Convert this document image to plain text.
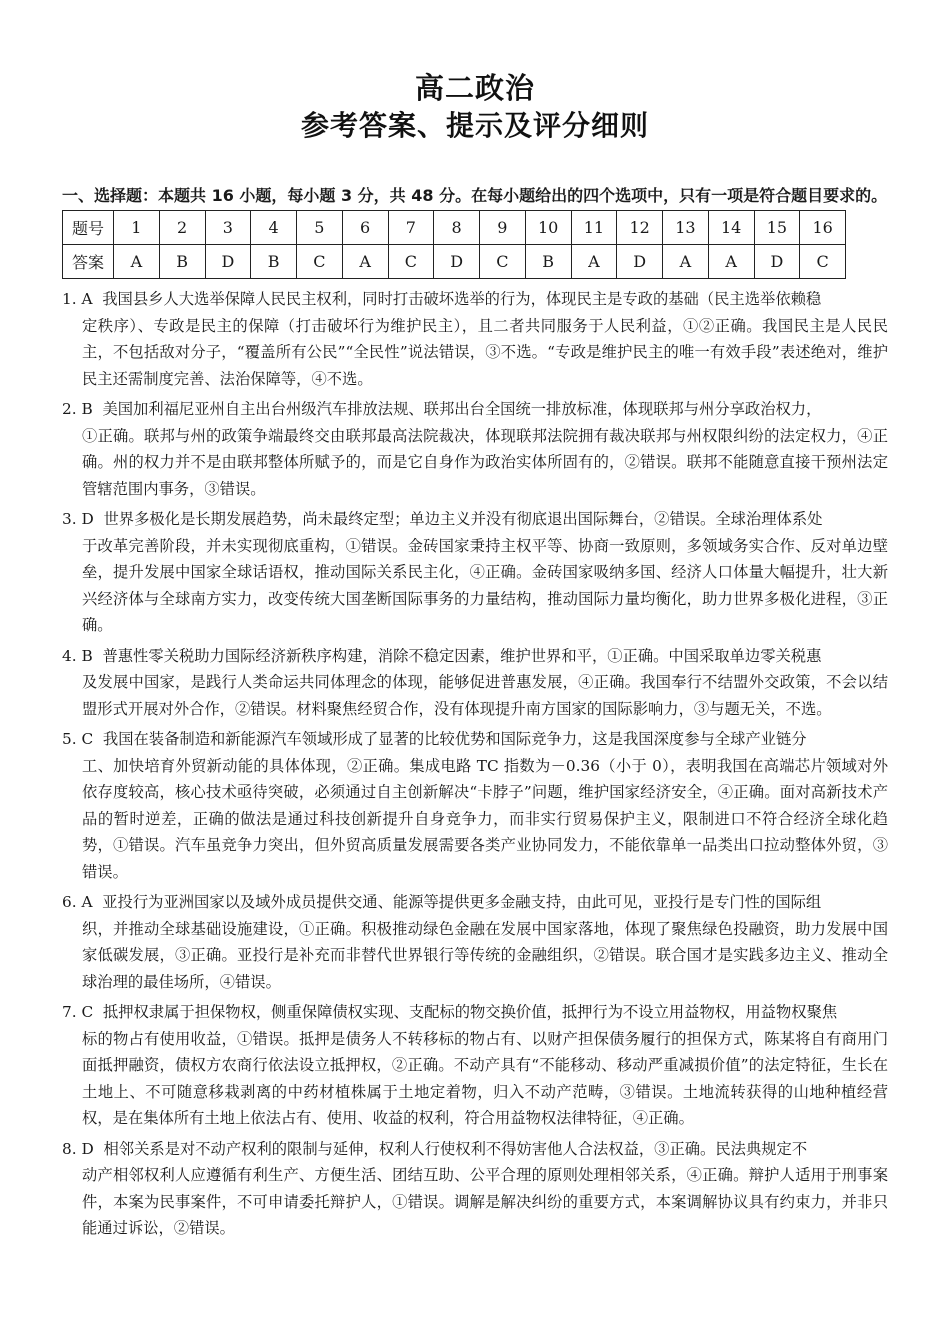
高二政治
参考答案、提示及评分细则
一、选择题：本题共 16 小题，每小题 3 分，共 48 分。在每小题给出的四个选项中，只有一项是符合题目要求的。
题号	1	2	3	4	5	6	7	8	9	10	11	12	13	14	15	16
答案	A	B	D	B	C	A	C	D	C	B	A	D	A	A	D	C
1. A 我国县乡人大选举保障人民民主权利，同时打击破坏选举的行为，体现民主是专政的基础（民主选举依赖稳
定秩序）、专政是民主的保障（打击破坏行为维护民主），且二者共同服务于人民利益，①②正确。我国民主是人民民主，不包括敌对分子，“覆盖所有公民”“全民性”说法错误，③不选。“专政是维护民主的唯一有效手段”表述绝对，维护民主还需制度完善、法治保障等，④不选。
2. B 美国加利福尼亚州自主出台州级汽车排放法规、联邦出台全国统一排放标准，体现联邦与州分享政治权力，
①正确。联邦与州的政策争端最终交由联邦最高法院裁决，体现联邦法院拥有裁决联邦与州权限纠纷的法定权力，④正确。州的权力并不是由联邦整体所赋予的，而是它自身作为政治实体所固有的，②错误。联邦不能随意直接干预州法定管辖范围内事务，③错误。
3. D 世界多极化是长期发展趋势，尚未最终定型；单边主义并没有彻底退出国际舞台，②错误。全球治理体系处
于改革完善阶段，并未实现彻底重构，①错误。金砖国家秉持主权平等、协商一致原则，多领域务实合作、反对单边壁垒，提升发展中国家全球话语权，推动国际关系民主化，④正确。金砖国家吸纳多国、经济人口体量大幅提升，壮大新兴经济体与全球南方实力，改变传统大国垄断国际事务的力量结构，推动国际力量均衡化，助力世界多极化进程，③正确。
4. B 普惠性零关税助力国际经济新秩序构建，消除不稳定因素，维护世界和平，①正确。中国采取单边零关税惠
及发展中国家，是践行人类命运共同体理念的体现，能够促进普惠发展，④正确。我国奉行不结盟外交政策，不会以结盟形式开展对外合作，②错误。材料聚焦经贸合作，没有体现提升南方国家的国际影响力，③与题无关，不选。
5. C 我国在装备制造和新能源汽车领域形成了显著的比较优势和国际竞争力，这是我国深度参与全球产业链分
工、加快培育外贸新动能的具体体现，②正确。集成电路 TC 指数为－0.36（小于 0），表明我国在高端芯片领域对外依存度较高，核心技术亟待突破，必须通过自主创新解决“卡脖子”问题，维护国家经济安全，④正确。面对高新技术产品的暂时逆差，正确的做法是通过科技创新提升自身竞争力，而非实行贸易保护主义，限制进口不符合经济全球化趋势，①错误。汽车虽竞争力突出，但外贸高质量发展需要各类产业协同发力，不能依靠单一品类出口拉动整体外贸，③错误。
6. A 亚投行为亚洲国家以及域外成员提供交通、能源等提供更多金融支持，由此可见，亚投行是专门性的国际组
织，并推动全球基础设施建设，①正确。积极推动绿色金融在发展中国家落地，体现了聚焦绿色投融资，助力发展中国家低碳发展，③正确。亚投行是补充而非替代世界银行等传统的金融组织，②错误。联合国才是实践多边主义、推动全球治理的最佳场所，④错误。
7. C 抵押权隶属于担保物权，侧重保障债权实现、支配标的物交换价值，抵押行为不设立用益物权，用益物权聚焦
标的物占有使用收益，①错误。抵押是债务人不转移标的物占有、以财产担保债务履行的担保方式，陈某将自有商用门面抵押融资，债权方农商行依法设立抵押权，②正确。不动产具有“不能移动、移动严重减损价值”的法定特征，生长在土地上、不可随意移栽剥离的中药材植株属于土地定着物，归入不动产范畴，③错误。土地流转获得的山地种植经营权，是在集体所有土地上依法占有、使用、收益的权利，符合用益物权法律特征，④正确。
8. D 相邻关系是对不动产权利的限制与延伸，权利人行使权利不得妨害他人合法权益，③正确。民法典规定不
动产相邻权利人应遵循有利生产、方便生活、团结互助、公平合理的原则处理相邻关系，④正确。辩护人适用于刑事案件，本案为民事案件，不可申请委托辩护人，①错误。调解是解决纠纷的重要方式，本案调解协议具有约束力，并非只能通过诉讼，②错误。
